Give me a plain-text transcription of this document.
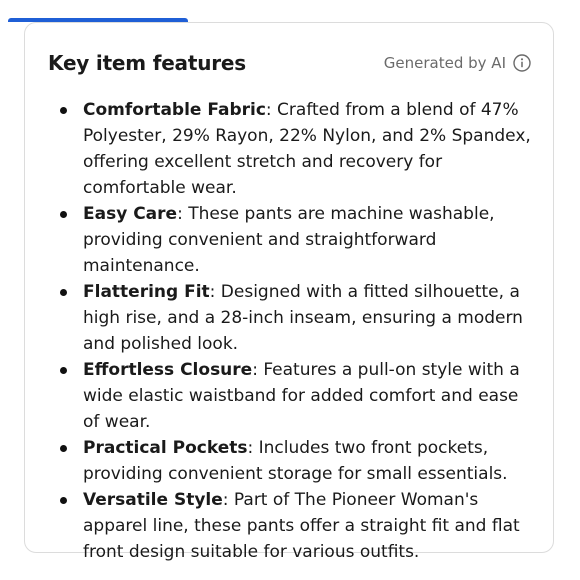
Key item features	Generated by AI
Comfortable Fabric: Crafted from a blend of 47% Polyester, 29% Rayon, 22% Nylon, and 2% Spandex, offering excellent stretch and recovery for comfortable wear.
Easy Care: These pants are machine washable, providing convenient and straightforward maintenance.
Flattering Fit: Designed with a fitted silhouette, a high rise, and a 28-inch inseam, ensuring a modern and polished look.
Effortless Closure: Features a pull-on style with a wide elastic waistband for added comfort and ease of wear.
Practical Pockets: Includes two front pockets, providing convenient storage for small essentials.
Versatile Style: Part of The Pioneer Woman's apparel line, these pants offer a straight fit and flat front design suitable for various outfits.
